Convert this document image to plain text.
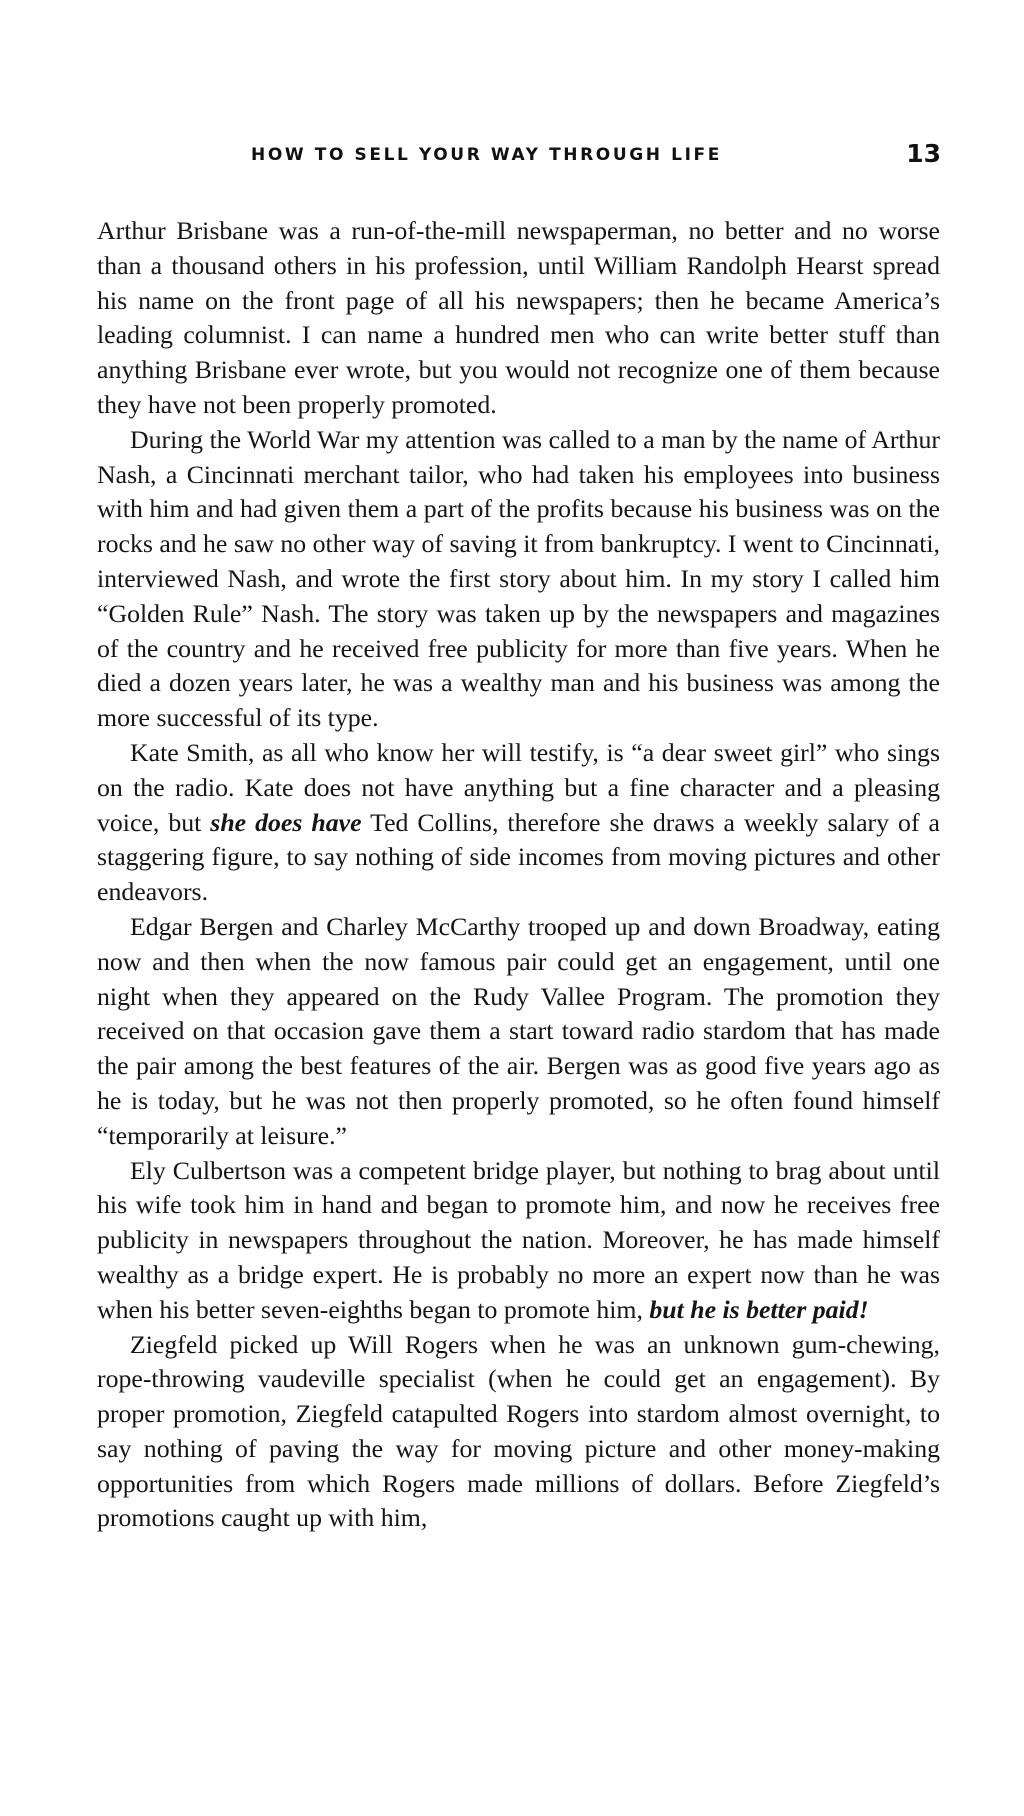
HOW TO SELL YOUR WAY THROUGH LIFE	13

Arthur Brisbane was a run-of-the-mill newspaperman, no better and no worse than a thousand others in his profession, until William Randolph Hearst spread his name on the front page of all his newspapers; then he became America’s leading columnist. I can name a hundred men who can write better stuff than anything Brisbane ever wrote, but you would not recognize one of them because they have not been properly promoted.

During the World War my attention was called to a man by the name of Arthur Nash, a Cincinnati merchant tailor, who had taken his employees into business with him and had given them a part of the profits because his business was on the rocks and he saw no other way of saving it from bankruptcy. I went to Cincinnati, interviewed Nash, and wrote the first story about him. In my story I called him “Golden Rule” Nash. The story was taken up by the newspapers and magazines of the country and he received free publicity for more than five years. When he died a dozen years later, he was a wealthy man and his business was among the more successful of its type.

Kate Smith, as all who know her will testify, is “a dear sweet girl” who sings on the radio. Kate does not have anything but a fine character and a pleasing voice, but she does have Ted Collins, therefore she draws a weekly salary of a staggering figure, to say nothing of side incomes from moving pictures and other endeavors.

Edgar Bergen and Charley McCarthy trooped up and down Broadway, eating now and then when the now famous pair could get an engagement, until one night when they appeared on the Rudy Vallee Program. The promotion they received on that occasion gave them a start toward radio stardom that has made the pair among the best features of the air. Bergen was as good five years ago as he is today, but he was not then properly promoted, so he often found himself “temporarily at leisure.”

Ely Culbertson was a competent bridge player, but nothing to brag about until his wife took him in hand and began to promote him, and now he receives free publicity in newspapers throughout the nation. Moreover, he has made himself wealthy as a bridge expert. He is probably no more an expert now than he was when his better seven-eighths began to promote him, but he is better paid!

Ziegfeld picked up Will Rogers when he was an unknown gum-chewing, rope-throwing vaudeville specialist (when he could get an engagement). By proper promotion, Ziegfeld catapulted Rogers into stardom almost overnight, to say nothing of paving the way for moving picture and other money-making opportunities from which Rogers made millions of dollars. Before Ziegfeld’s promotions caught up with him,
